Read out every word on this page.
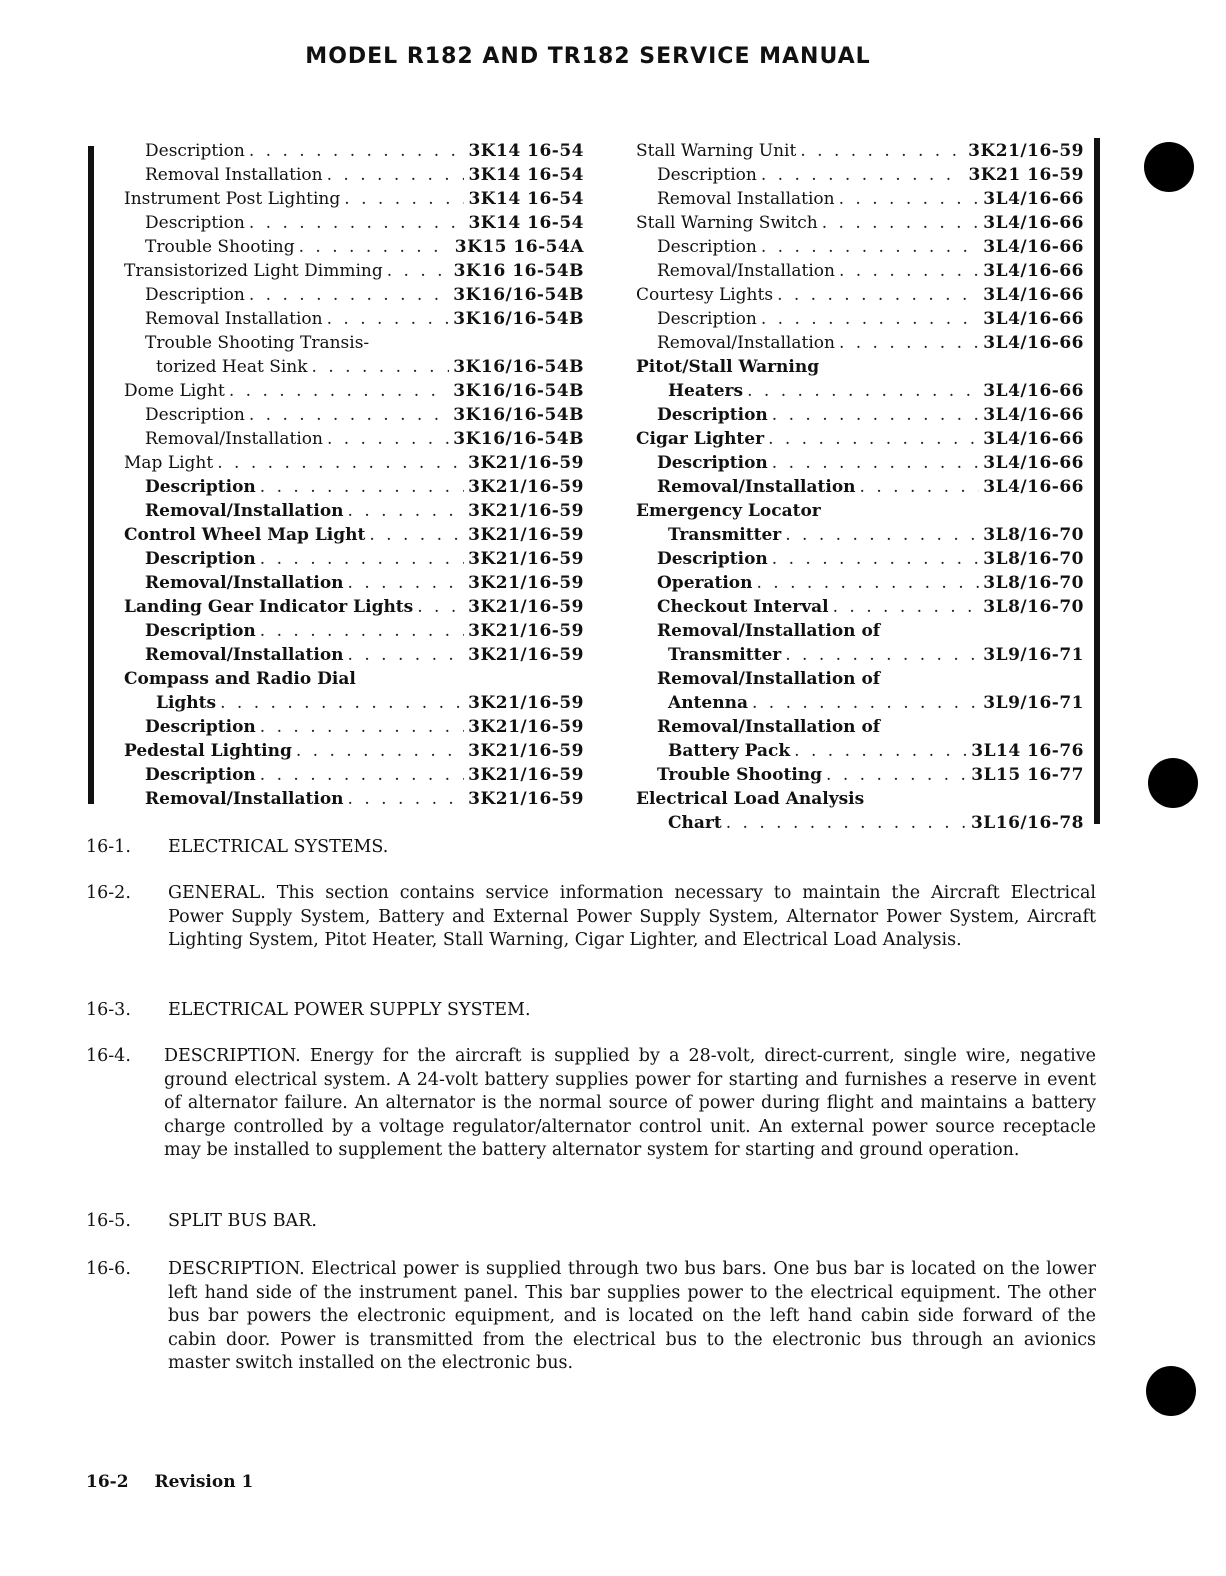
MODEL R182 AND TR182 SERVICE MANUAL
Description . . .	3K14 16-54
Removal Installation . . .	3K14 16-54
Instrument Post Lighting . . .	3K14 16-54
Description . . .	3K14 16-54
Trouble Shooting . . .	3K15 16-54A
Transistorized Light Dimming . . .	3K16 16-54B
Description . . .	3K16/16-54B
Removal Installation . . .	3K16/16-54B
Trouble Shooting Transis-
torized Heat Sink . . .	3K16/16-54B
Dome Light . . .	3K16/16-54B
Description . . .	3K16/16-54B
Removal/Installation . . .	3K16/16-54B
Map Light . . .	3K21/16-59
Description . . .	3K21/16-59
Removal/Installation . . .	3K21/16-59
Control Wheel Map Light . . .	3K21/16-59
Description . . .	3K21/16-59
Removal/Installation . . .	3K21/16-59
Landing Gear Indicator Lights . . .	3K21/16-59
Description . . .	3K21/16-59
Removal/Installation . . .	3K21/16-59
Compass and Radio Dial
Lights . . .	3K21/16-59
Description . . .	3K21/16-59
Pedestal Lighting . . .	3K21/16-59
Description . . .	3K21/16-59
Removal/Installation . . .	3K21/16-59
Stall Warning Unit . . .	3K21/16-59
Description . . .	3K21 16-59
Removal Installation . . .	3L4/16-66
Stall Warning Switch . . .	3L4/16-66
Description . . .	3L4/16-66
Removal/Installation . . .	3L4/16-66
Courtesy Lights . . .	3L4/16-66
Description . . .	3L4/16-66
Removal/Installation . . .	3L4/16-66
Pitot/Stall Warning
Heaters . . .	3L4/16-66
Description . . .	3L4/16-66
Cigar Lighter . . .	3L4/16-66
Description . . .	3L4/16-66
Removal/Installation . . .	3L4/16-66
Emergency Locator
Transmitter . . .	3L8/16-70
Description . . .	3L8/16-70
Operation . . .	3L8/16-70
Checkout Interval . . .	3L8/16-70
Removal/Installation of
Transmitter . . .	3L9/16-71
Removal/Installation of
Antenna . . .	3L9/16-71
Removal/Installation of
Battery Pack . . .	3L14 16-76
Trouble Shooting . . .	3L15 16-77
Electrical Load Analysis
Chart . . .	3L16/16-78
16-1. ELECTRICAL SYSTEMS.
16-2. GENERAL. This section contains service information necessary to maintain the Aircraft Electrical Power Supply System, Battery and External Power Supply System, Alternator Power System, Aircraft Lighting System, Pitot Heater, Stall Warning, Cigar Lighter, and Electrical Load Analysis.
16-3. ELECTRICAL POWER SUPPLY SYSTEM.
16-4. DESCRIPTION. Energy for the aircraft is supplied by a 28-volt, direct-current, single wire, negative ground electrical system. A 24-volt battery supplies power for starting and furnishes a reserve in event of alternator failure. An alternator is the normal source of power during flight and maintains a battery charge controlled by a voltage regulator/alternator control unit. An external power source receptacle may be installed to supplement the battery alternator system for starting and ground operation.
16-5. SPLIT BUS BAR.
16-6. DESCRIPTION. Electrical power is supplied through two bus bars. One bus bar is located on the lower left hand side of the instrument panel. This bar supplies power to the electrical equipment. The other bus bar powers the electronic equipment, and is located on the left hand cabin side forward of the cabin door. Power is transmitted from the electrical bus to the electronic bus through an avionics master switch installed on the electronic bus.
16-2 Revision 1
